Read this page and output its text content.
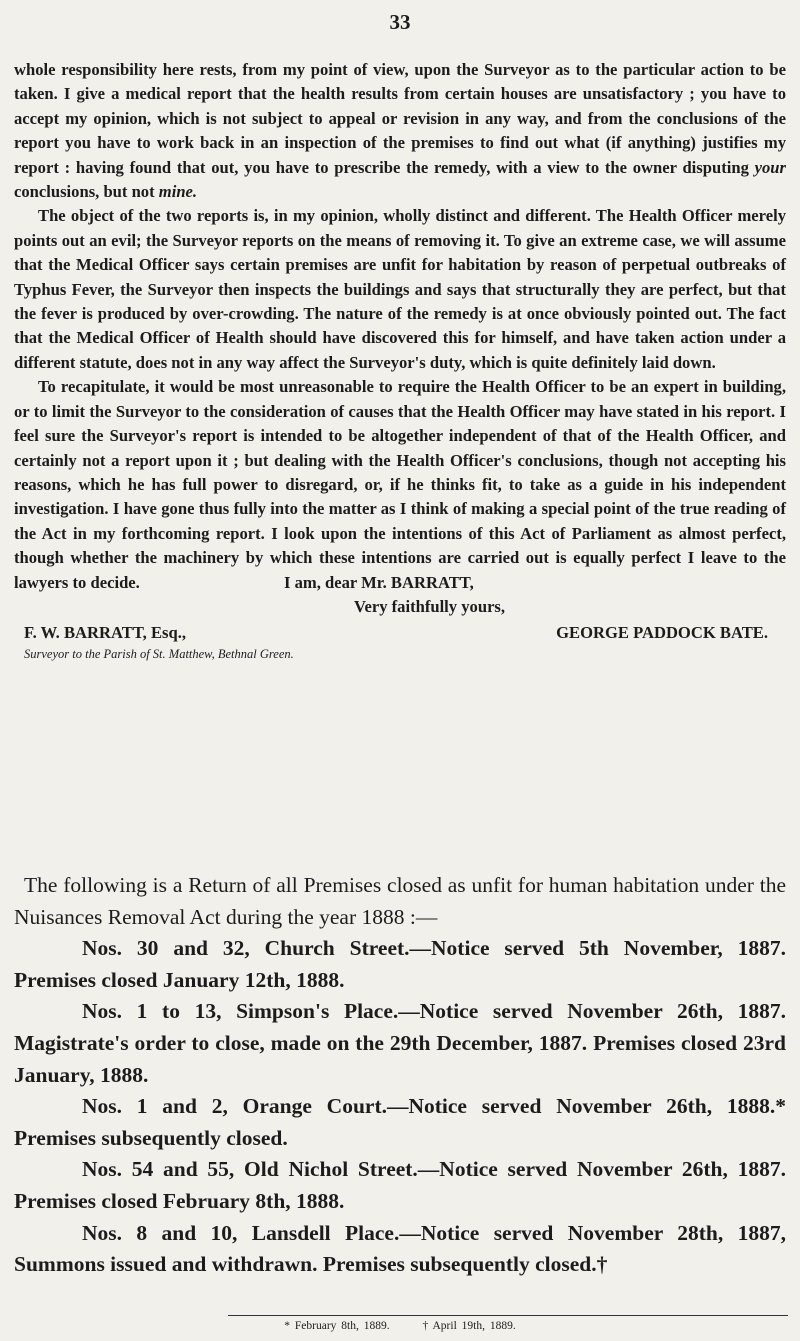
33

whole responsibility here rests, from my point of view, upon the Surveyor as to the particular action to be taken. I give a medical report that the health results from certain houses are unsatisfactory ; you have to accept my opinion, which is not subject to appeal or revision in any way, and from the conclusions of the report you have to work back in an inspection of the premises to find out what (if anything) justifies my report : having found that out, you have to prescribe the remedy, with a view to the owner disputing your conclusions, but not mine.

The object of the two reports is, in my opinion, wholly distinct and different. The Health Officer merely points out an evil; the Surveyor reports on the means of removing it. To give an extreme case, we will assume that the Medical Officer says certain premises are unfit for habitation by reason of perpetual outbreaks of Typhus Fever, the Surveyor then inspects the buildings and says that structurally they are perfect, but that the fever is produced by over-crowding. The nature of the remedy is at once obviously pointed out. The fact that the Medical Officer of Health should have discovered this for himself, and have taken action under a different statute, does not in any way affect the Surveyor's duty, which is quite definitely laid down.

To recapitulate, it would be most unreasonable to require the Health Officer to be an expert in building, or to limit the Surveyor to the consideration of causes that the Health Officer may have stated in his report. I feel sure the Surveyor's report is intended to be altogether independent of that of the Health Officer, and certainly not a report upon it ; but dealing with the Health Officer's conclusions, though not accepting his reasons, which he has full power to disregard, or, if he thinks fit, to take as a guide in his independent investigation. I have gone thus fully into the matter as I think of making a special point of the true reading of the Act in my forthcoming report. I look upon the intentions of this Act of Parliament as almost perfect, though whether the machinery by which these intentions are carried out is equally perfect I leave to the lawyers to decide.	I am, dear Mr. BARRATT,
Very faithfully yours,
F. W. BARRATT, Esq.,	GEORGE PADDOCK BATE.
Surveyor to the Parish of St. Matthew, Bethnal Green.

The following is a Return of all Premises closed as unfit for human habitation under the Nuisances Removal Act during the year 1888 :—

Nos. 30 and 32, Church Street.—Notice served 5th November, 1887. Premises closed January 12th, 1888.

Nos. 1 to 13, Simpson's Place.—Notice served November 26th, 1887. Magistrate's order to close, made on the 29th December, 1887. Premises closed 23rd January, 1888.

Nos. 1 and 2, Orange Court.—Notice served November 26th, 1888.* Premises subsequently closed.

Nos. 54 and 55, Old Nichol Street.—Notice served November 26th, 1887. Premises closed February 8th, 1888.

Nos. 8 and 10, Lansdell Place.—Notice served November 28th, 1887, Summons issued and withdrawn. Premises subsequently closed.†

* February 8th, 1889.	† April 19th, 1889.
